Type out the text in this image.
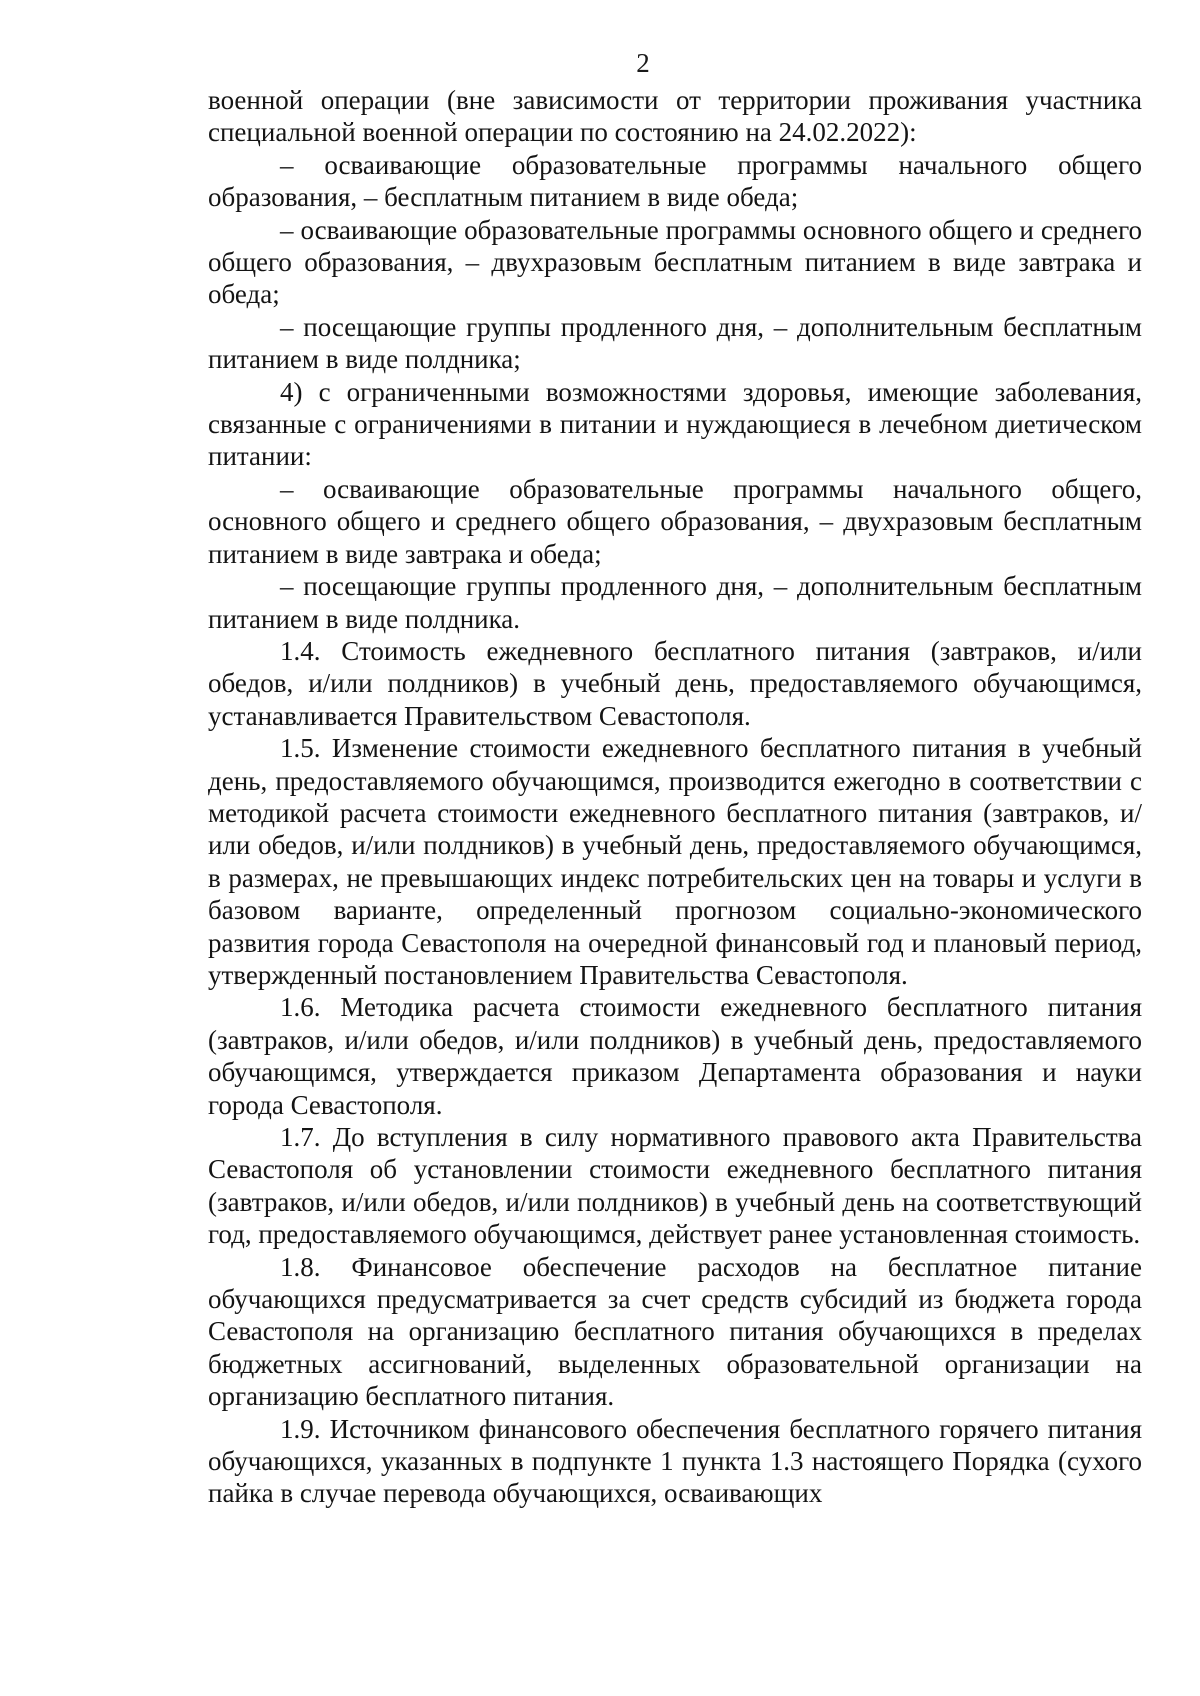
2

военной операции (вне зависимости от территории проживания участника специальной военной операции по состоянию на 24.02.2022):

– осваивающие образовательные программы начального общего образования, – бесплатным питанием в виде обеда;

– осваивающие образовательные программы основного общего и среднего общего образования, – двухразовым бесплатным питанием в виде завтрака и обеда;

– посещающие группы продленного дня, – дополнительным бесплатным питанием в виде полдника;

4) с ограниченными возможностями здоровья, имеющие заболевания, связанные с ограничениями в питании и нуждающиеся в лечебном диетическом питании:

– осваивающие образовательные программы начального общего, основного общего и среднего общего образования, – двухразовым бесплатным питанием в виде завтрака и обеда;

– посещающие группы продленного дня, – дополнительным бесплатным питанием в виде полдника.

1.4. Стоимость ежедневного бесплатного питания (завтраков, и/или обедов, и/или полдников) в учебный день, предоставляемого обучающимся, устанавливается Правительством Севастополя.

1.5. Изменение стоимости ежедневного бесплатного питания в учебный день, предоставляемого обучающимся, производится ежегодно в соответствии с методикой расчета стоимости ежедневного бесплатного питания (завтраков, и/или обедов, и/или полдников) в учебный день, предоставляемого обучающимся, в размерах, не превышающих индекс потребительских цен на товары и услуги в базовом варианте, определенный прогнозом социально-экономического развития города Севастополя на очередной финансовый год и плановый период, утвержденный постановлением Правительства Севастополя.

1.6. Методика расчета стоимости ежедневного бесплатного питания (завтраков, и/или обедов, и/или полдников) в учебный день, предоставляемого обучающимся, утверждается приказом Департамента образования и науки города Севастополя.

1.7. До вступления в силу нормативного правового акта Правительства Севастополя об установлении стоимости ежедневного бесплатного питания (завтраков, и/или обедов, и/или полдников) в учебный день на соответствующий год, предоставляемого обучающимся, действует ранее установленная стоимость.

1.8. Финансовое обеспечение расходов на бесплатное питание обучающихся предусматривается за счет средств субсидий из бюджета города Севастополя на организацию бесплатного питания обучающихся в пределах бюджетных ассигнований, выделенных образовательной организации на организацию бесплатного питания.

1.9. Источником финансового обеспечения бесплатного горячего питания обучающихся, указанных в подпункте 1 пункта 1.3 настоящего Порядка (сухого пайка в случае перевода обучающихся, осваивающих
